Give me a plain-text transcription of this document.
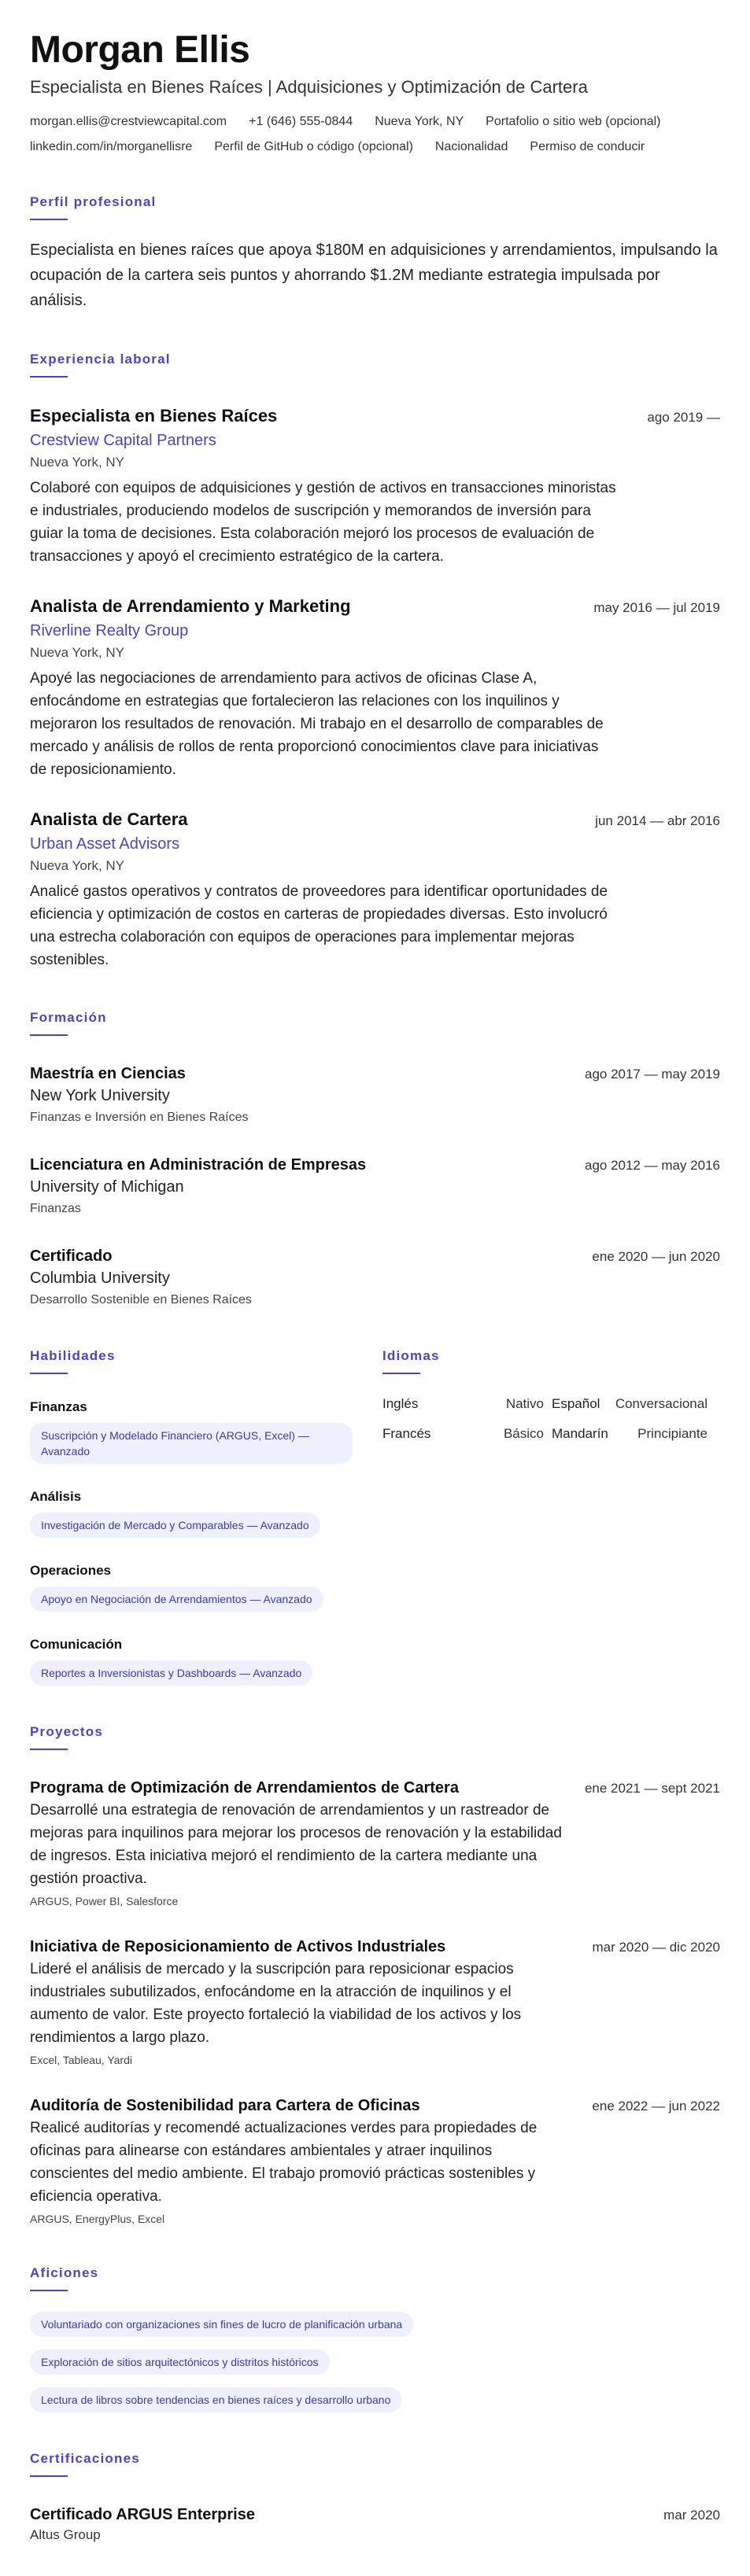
Morgan Ellis
Especialista en Bienes Raíces | Adquisiciones y Optimización de Cartera
morgan.ellis@crestviewcapital.com +1 (646) 555-0844 Nueva York, NY Portafolio o sitio web (opcional)
linkedin.com/in/morganellisre Perfil de GitHub o código (opcional) Nacionalidad Permiso de conducir
Perfil profesional

Especialista en bienes raíces que apoya $180M en adquisiciones y arrendamientos, impulsando la ocupación de la cartera seis puntos y ahorrando $1.2M mediante estrategia impulsada por análisis.

Experiencia laboral
Especialista en Bienes Raíces	ago 2019 —
Crestview Capital Partners
Nueva York, NY

Colaboré con equipos de adquisiciones y gestión de activos en transacciones minoristas e industriales, produciendo modelos de suscripción y memorandos de inversión para guiar la toma de decisiones. Esta colaboración mejoró los procesos de evaluación de transacciones y apoyó el crecimiento estratégico de la cartera.

Analista de Arrendamiento y Marketing	may 2016 — jul 2019
Riverline Realty Group
Nueva York, NY

Apoyé las negociaciones de arrendamiento para activos de oficinas Clase A, enfocándome en estrategias que fortalecieron las relaciones con los inquilinos y mejoraron los resultados de renovación. Mi trabajo en el desarrollo de comparables de mercado y análisis de rollos de renta proporcionó conocimientos clave para iniciativas de reposicionamiento.

Analista de Cartera	jun 2014 — abr 2016
Urban Asset Advisors
Nueva York, NY

Analicé gastos operativos y contratos de proveedores para identificar oportunidades de eficiencia y optimización de costos en carteras de propiedades diversas. Esto involucró una estrecha colaboración con equipos de operaciones para implementar mejoras sostenibles.

Formación
Maestría en Ciencias	ago 2017 — may 2019
New York University
Finanzas e Inversión en Bienes Raíces
Licenciatura en Administración de Empresas	ago 2012 — may 2016
University of Michigan
Finanzas
Certificado	ene 2020 — jun 2020
Columbia University
Desarrollo Sostenible en Bienes Raíces
Habilidades
Finanzas
Suscripción y Modelado Financiero (ARGUS, Excel) — Avanzado
Análisis
Investigación de Mercado y Comparables — Avanzado
Operaciones
Apoyo en Negociación de Arrendamientos — Avanzado
Comunicación
Reportes a Inversionistas y Dashboards — Avanzado
Idiomas
Inglés	Nativo Español	Conversacional
Francés	Básico Mandarín	Principiante
Proyectos
Programa de Optimización de Arrendamientos de Cartera	ene 2021 — sept 2021

Desarrollé una estrategia de renovación de arrendamientos y un rastreador de mejoras para inquilinos para mejorar los procesos de renovación y la estabilidad de ingresos. Esta iniciativa mejoró el rendimiento de la cartera mediante una gestión proactiva.

ARGUS, Power BI, Salesforce
Iniciativa de Reposicionamiento de Activos Industriales	mar 2020 — dic 2020

Lideré el análisis de mercado y la suscripción para reposicionar espacios industriales subutilizados, enfocándome en la atracción de inquilinos y el aumento de valor. Este proyecto fortaleció la viabilidad de los activos y los rendimientos a largo plazo.

Excel, Tableau, Yardi
Auditoría de Sostenibilidad para Cartera de Oficinas	ene 2022 — jun 2022

Realicé auditorías y recomendé actualizaciones verdes para propiedades de oficinas para alinearse con estándares ambientales y atraer inquilinos conscientes del medio ambiente. El trabajo promovió prácticas sostenibles y eficiencia operativa.

ARGUS, EnergyPlus, Excel
Aficiones
Voluntariado con organizaciones sin fines de lucro de planificación urbana
Exploración de sitios arquitectónicos y distritos históricos
Lectura de libros sobre tendencias en bienes raíces y desarrollo urbano
Certificaciones
Certificado ARGUS Enterprise	mar 2020
Altus Group
